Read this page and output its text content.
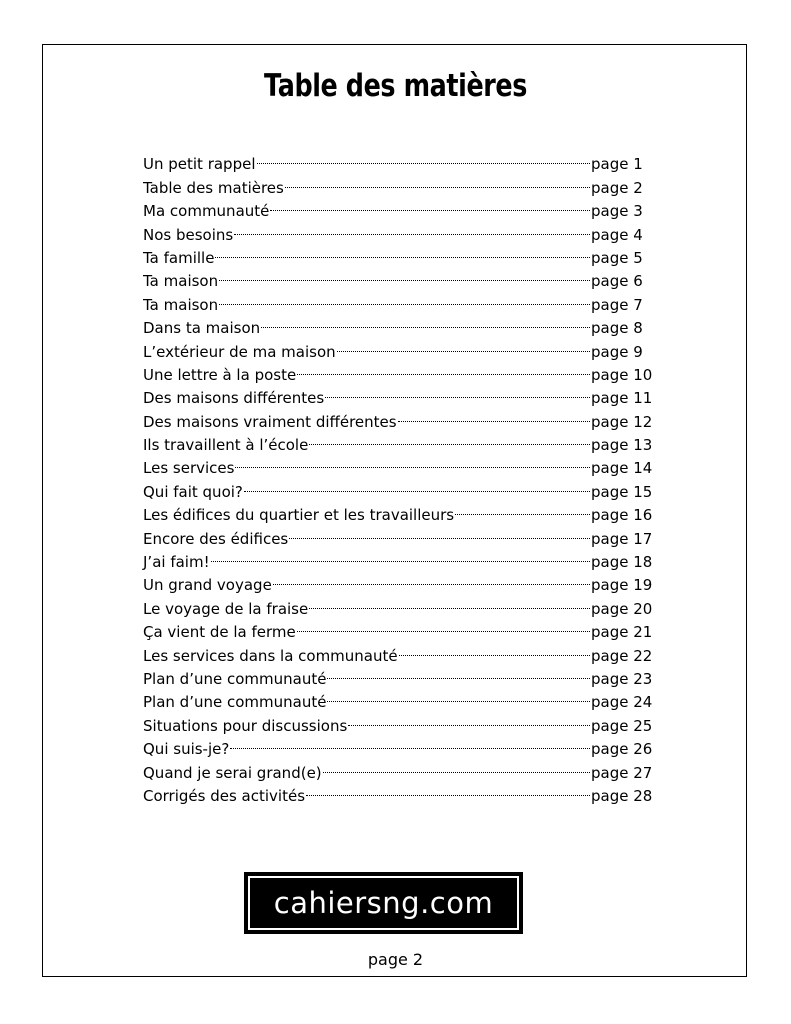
Table des matières
Un petit rappel	page 1
Table des matières	page 2
Ma communauté	page 3
Nos besoins	page 4
Ta famille	page 5
Ta maison	page 6
Ta maison	page 7
Dans ta maison	page 8
L’extérieur de ma maison	page 9
Une lettre à la poste	page 10
Des maisons différentes	page 11
Des maisons vraiment différentes	page 12
Ils travaillent à l’école	page 13
Les services	page 14
Qui fait quoi?	page 15
Les édifices du quartier et les travailleurs	page 16
Encore des édifices	page 17
J’ai faim!	page 18
Un grand voyage	page 19
Le voyage de la fraise	page 20
Ça vient de la ferme	page 21
Les services dans la communauté	page 22
Plan d’une communauté	page 23
Plan d’une communauté	page 24
Situations pour discussions	page 25
Qui suis-je?	page 26
Quand je serai grand(e)	page 27
Corrigés des activités	page 28
cahiersng.com
page 2
